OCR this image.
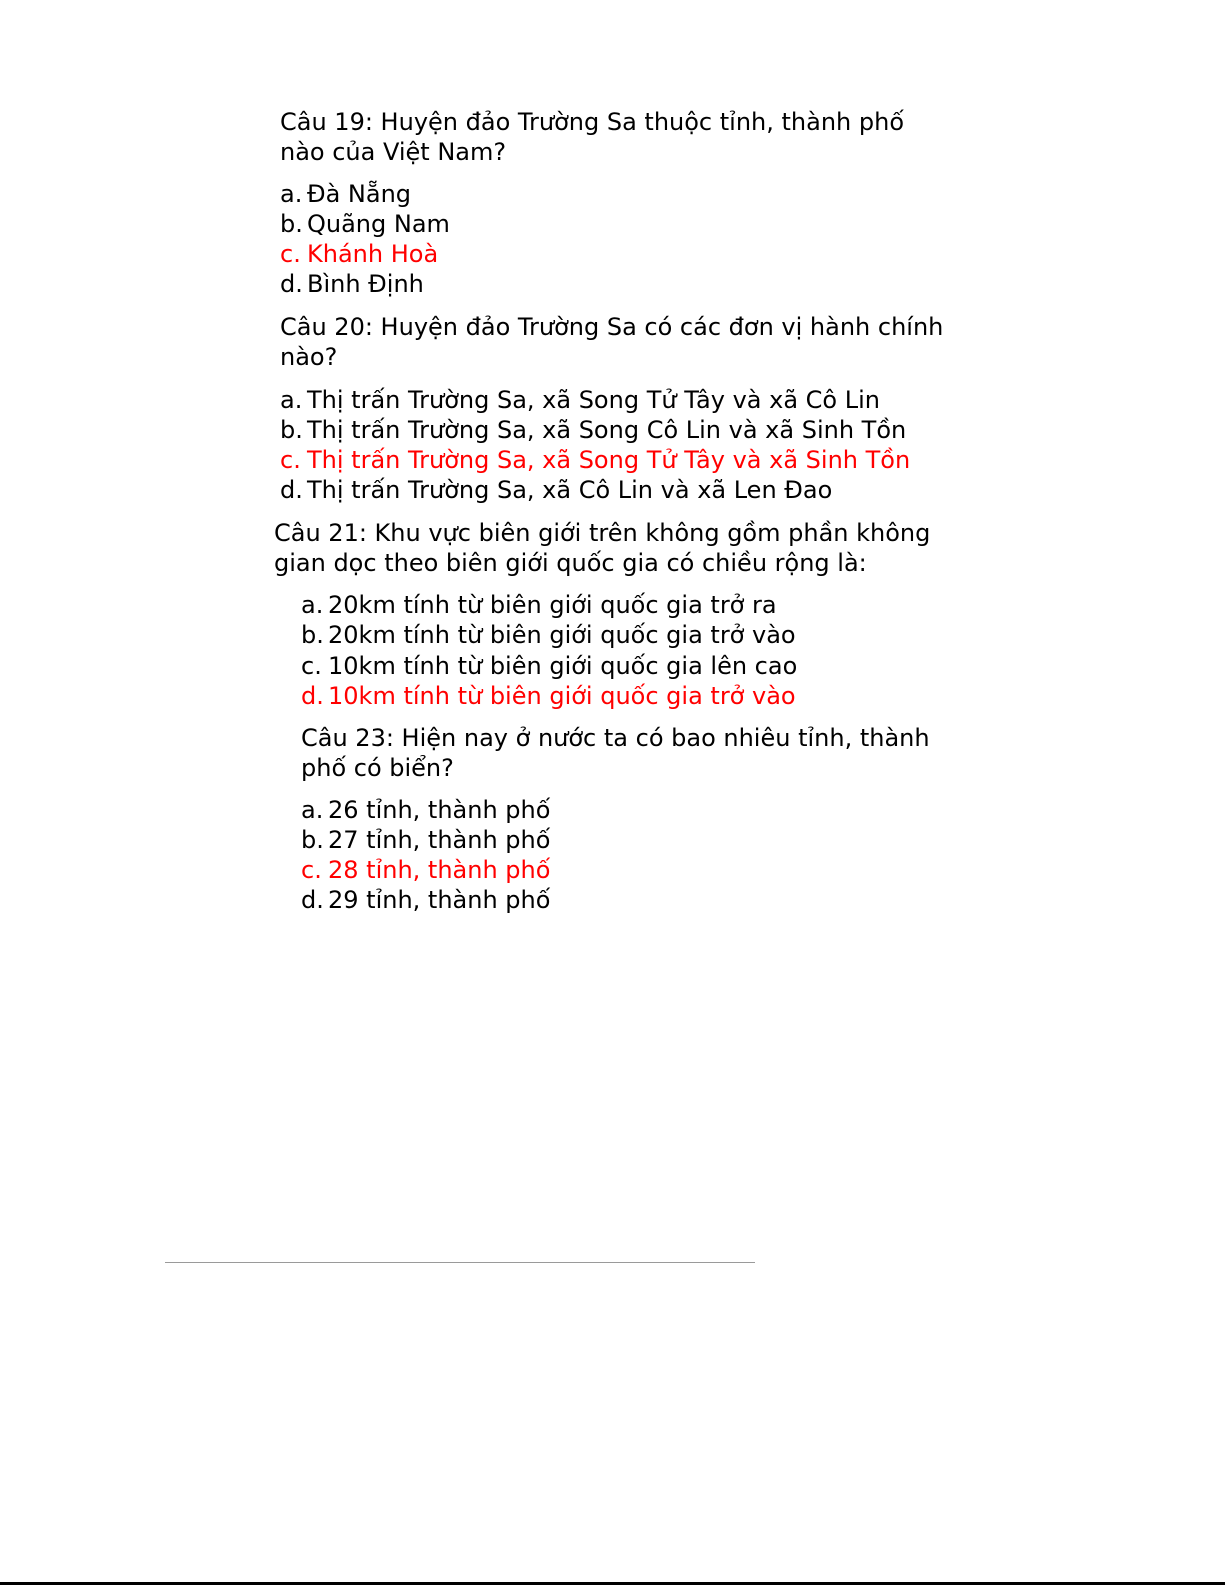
Câu 19: Huyện đảo Trường Sa thuộc tỉnh, thành phố nào của Việt Nam?

a. Đà Nẵng
b. Quãng Nam
c. Khánh Hoà
d. Bình Định

Câu 20: Huyện đảo Trường Sa có các đơn vị hành chính nào?

a. Thị trấn Trường Sa, xã Song Tử Tây và xã Cô Lin
b. Thị trấn Trường Sa, xã Song Cô Lin và xã Sinh Tồn
c. Thị trấn Trường Sa, xã Song Tử Tây và xã Sinh Tồn
d. Thị trấn Trường Sa, xã Cô Lin và xã Len Đao

Câu 21: Khu vực biên giới trên không gồm phần không gian dọc theo biên giới quốc gia có chiều rộng là:

a. 20km tính từ biên giới quốc gia trở ra
b. 20km tính từ biên giới quốc gia trở vào
c. 10km tính từ biên giới quốc gia lên cao
d. 10km tính từ biên giới quốc gia trở vào

Câu 23: Hiện nay ở nước ta có bao nhiêu tỉnh, thành phố có biển?

a. 26 tỉnh, thành phố
b. 27 tỉnh, thành phố
c. 28 tỉnh, thành phố
d. 29 tỉnh, thành phố
